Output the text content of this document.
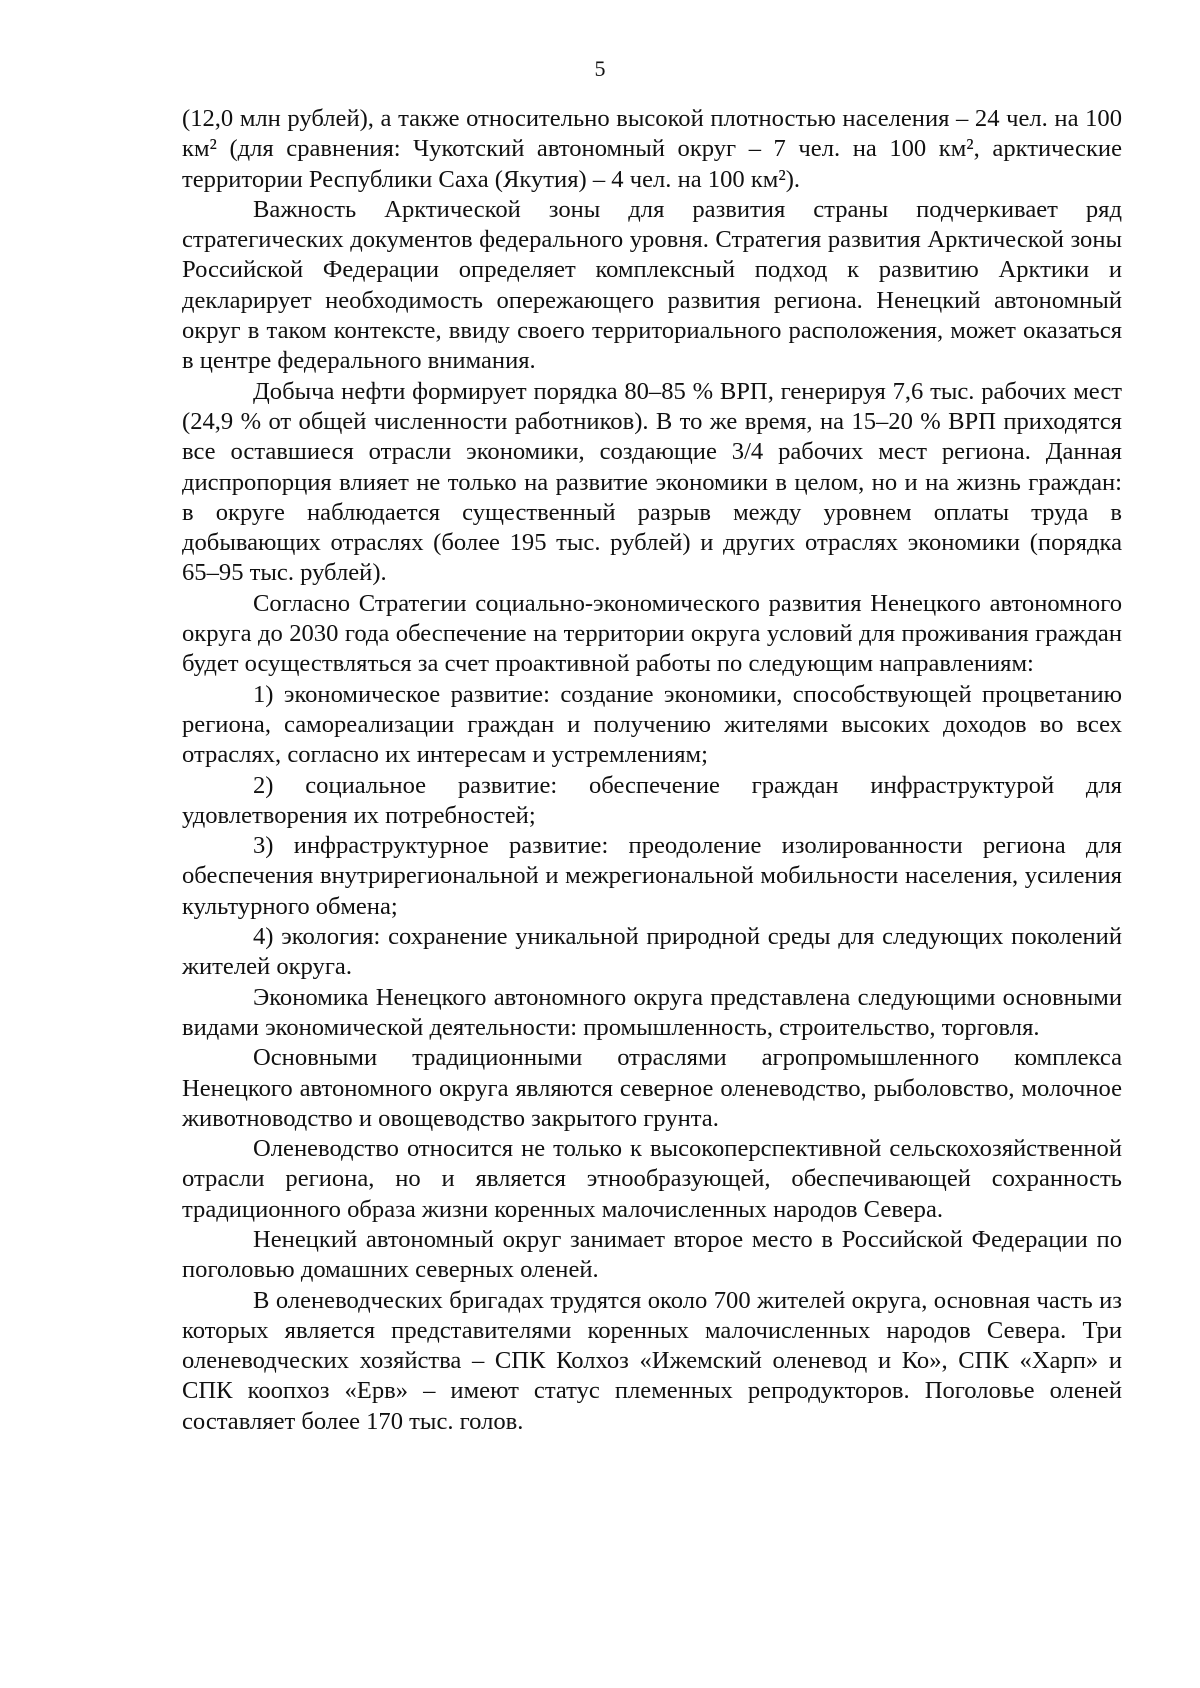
5

(12,0 млн рублей), а также относительно высокой плотностью населения – 24 чел. на 100 км² (для сравнения: Чукотский автономный округ – 7 чел. на 100 км², арктические территории Республики Саха (Якутия) – 4 чел. на 100 км²).

Важность Арктической зоны для развития страны подчеркивает ряд стратегических документов федерального уровня. Стратегия развития Арктической зоны Российской Федерации определяет комплексный подход к развитию Арктики и декларирует необходимость опережающего развития региона. Ненецкий автономный округ в таком контексте, ввиду своего территориального расположения, может оказаться в центре федерального внимания.

Добыча нефти формирует порядка 80–85 % ВРП, генерируя 7,6 тыс. рабочих мест (24,9 % от общей численности работников). В то же время, на 15–20 % ВРП приходятся все оставшиеся отрасли экономики, создающие 3/4 рабочих мест региона. Данная диспропорция влияет не только на развитие экономики в целом, но и на жизнь граждан: в округе наблюдается существенный разрыв между уровнем оплаты труда в добывающих отраслях (более 195 тыс. рублей) и других отраслях экономики (порядка 65–95 тыс. рублей).

Согласно Стратегии социально-экономического развития Ненецкого автономного округа до 2030 года обеспечение на территории округа условий для проживания граждан будет осуществляться за счет проактивной работы по следующим направлениям:

1) экономическое развитие: создание экономики, способствующей процветанию региона, самореализации граждан и получению жителями высоких доходов во всех отраслях, согласно их интересам и устремлениям;

2) социальное развитие: обеспечение граждан инфраструктурой для удовлетворения их потребностей;

3) инфраструктурное развитие: преодоление изолированности региона для обеспечения внутрирегиональной и межрегиональной мобильности населения, усиления культурного обмена;

4) экология: сохранение уникальной природной среды для следующих поколений жителей округа.

Экономика Ненецкого автономного округа представлена следующими основными видами экономической деятельности: промышленность, строительство, торговля.

Основными традиционными отраслями агропромышленного комплекса Ненецкого автономного округа являются северное оленеводство, рыболовство, молочное животноводство и овощеводство закрытого грунта.

Оленеводство относится не только к высокоперспективной сельскохозяйственной отрасли региона, но и является этнообразующей, обеспечивающей сохранность традиционного образа жизни коренных малочисленных народов Севера.

Ненецкий автономный округ занимает второе место в Российской Федерации по поголовью домашних северных оленей.

В оленеводческих бригадах трудятся около 700 жителей округа, основная часть из которых является представителями коренных малочисленных народов Севера. Три оленеводческих хозяйства – СПК Колхоз «Ижемский оленевод и Ко», СПК «Харп» и СПК коопхоз «Ерв» – имеют статус племенных репродукторов. Поголовье оленей составляет более 170 тыс. голов.
